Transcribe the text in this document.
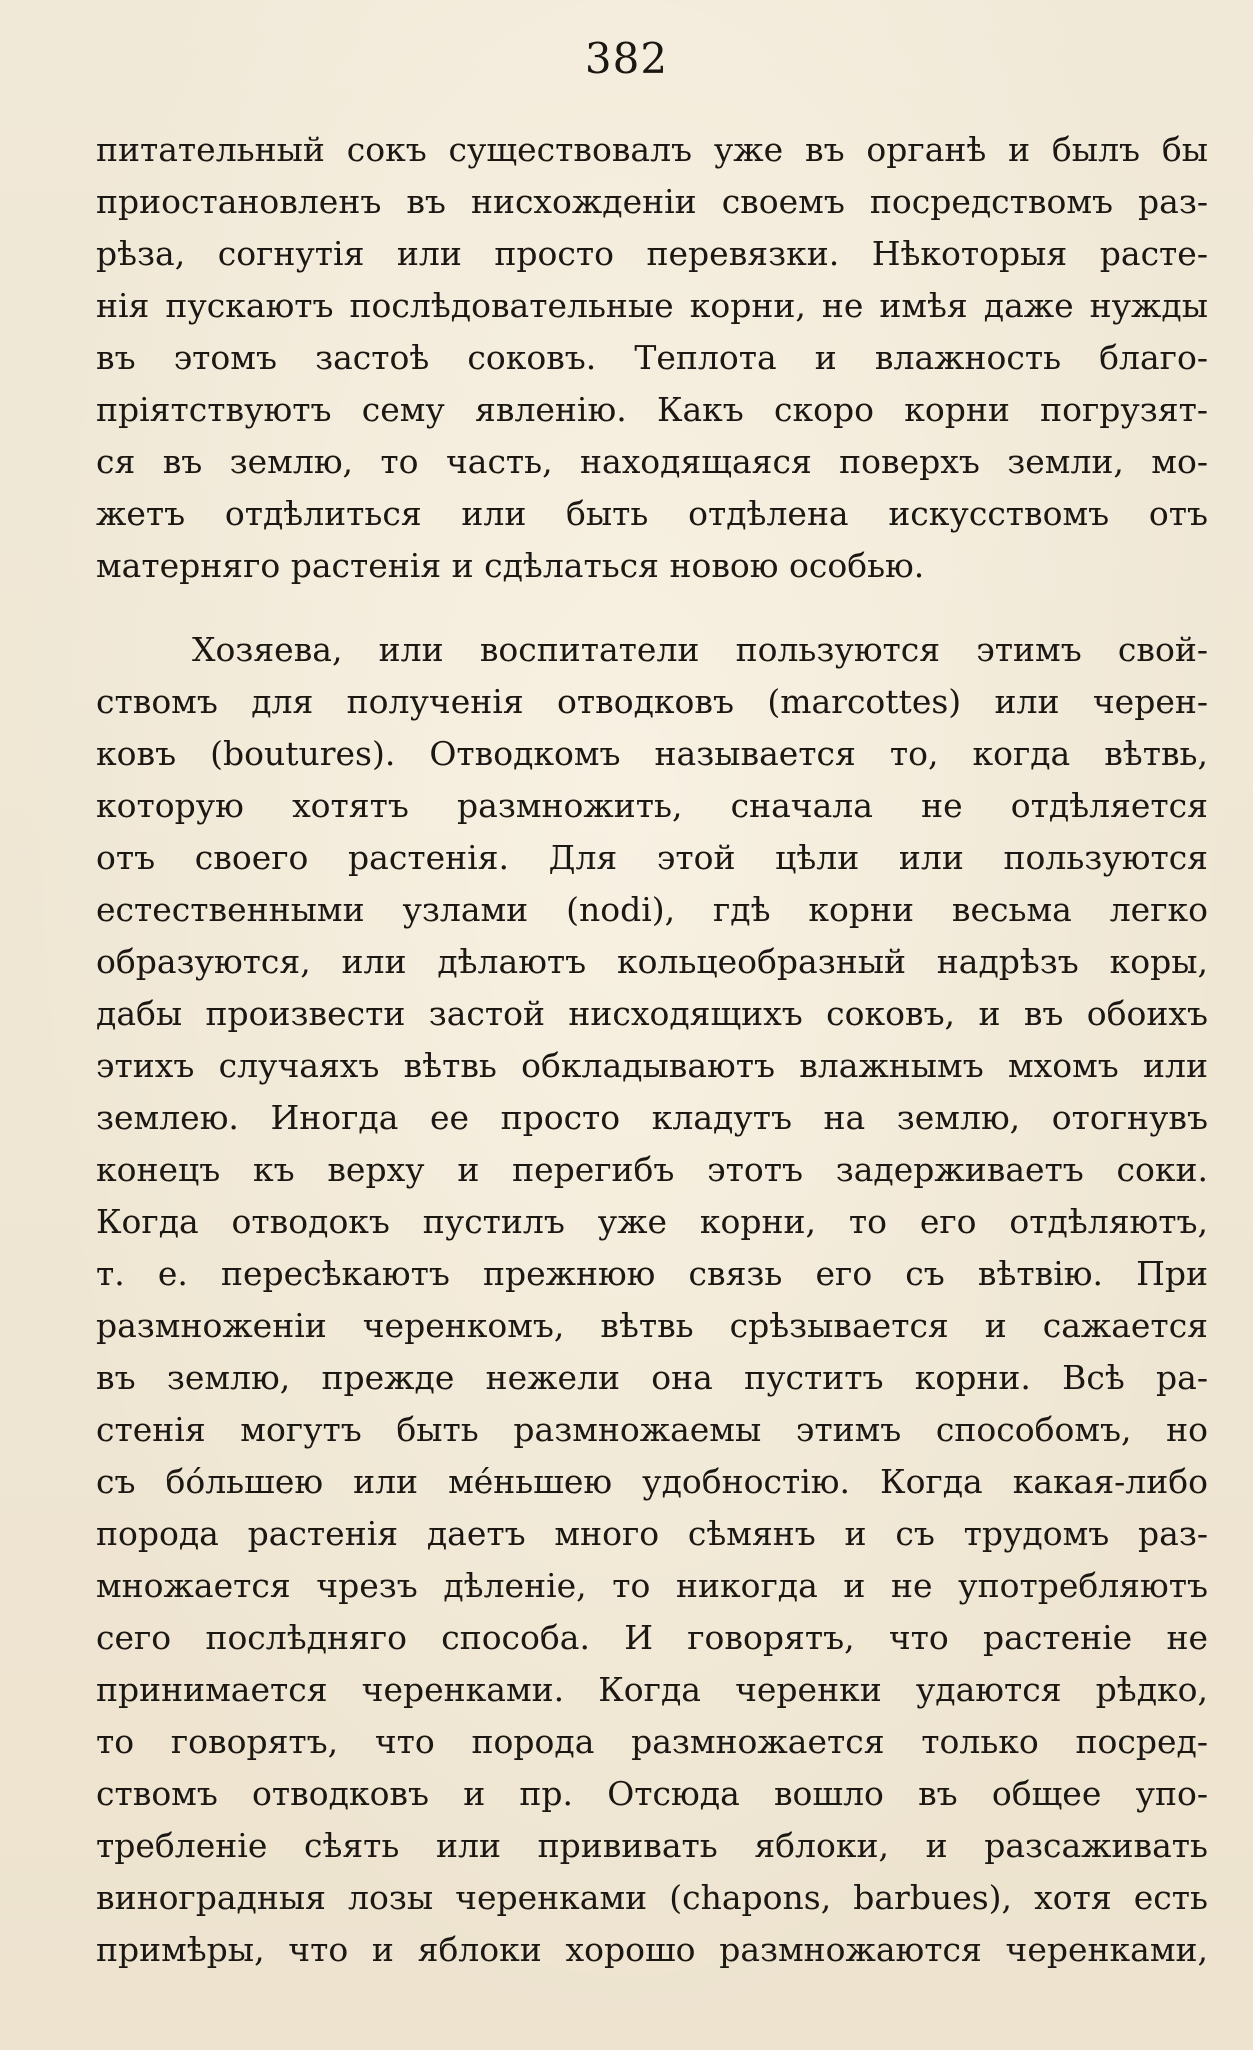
382
питательный сокъ существовалъ уже въ органѣ и былъ бы
приостановленъ въ нисхожденіи своемъ посредствомъ раз-
рѣза, согнутія или просто перевязки. Нѣкоторыя расте-
нія пускаютъ послѣдовательные корни, не имѣя даже нужды
въ этомъ застоѣ соковъ. Теплота и влажность благо-
пріятствуютъ сему явленію. Какъ скоро корни погрузят-
ся въ землю, то часть, находящаяся поверхъ земли, мо-
жетъ отдѣлиться или быть отдѣлена искусствомъ отъ
матерняго растенія и сдѣлаться новою особью.
Хозяева, или воспитатели пользуются этимъ свой-
ствомъ для полученія отводковъ (marcottes) или черен-
ковъ (boutures). Отводкомъ называется то, когда вѣтвь,
которую хотятъ размножить, сначала не отдѣляется
отъ своего растенія. Для этой цѣли или пользуются
естественными узлами (nodi), гдѣ корни весьма легко
образуются, или дѣлаютъ кольцеобразный надрѣзъ коры,
дабы произвести застой нисходящихъ соковъ, и въ обоихъ
этихъ случаяхъ вѣтвь обкладываютъ влажнымъ мхомъ или
землею. Иногда ее просто кладутъ на землю, отогнувъ
конецъ къ верху и перегибъ этотъ задерживаетъ соки.
Когда отводокъ пустилъ уже корни, то его отдѣляютъ,
т. е. пересѣкаютъ прежнюю связь его съ вѣтвію. При
размноженіи черенкомъ, вѣтвь срѣзывается и сажается
въ землю, прежде нежели она пуститъ корни. Всѣ ра-
стенія могутъ быть размножаемы этимъ способомъ, но
съ бо́льшею или ме́ньшею удобностію. Когда какая-либо
порода растенія даетъ много сѣмянъ и съ трудомъ раз-
множается чрезъ дѣленіе, то никогда и не употребляютъ
сего послѣдняго способа. И говорятъ, что растеніе не
принимается черенками. Когда черенки удаются рѣдко,
то говорятъ, что порода размножается только посред-
ствомъ отводковъ и пр. Отсюда вошло въ общее упо-
требленіе сѣять или прививать яблоки, и разсаживать
виноградныя лозы черенками (chapons, barbues), хотя есть
примѣры, что и яблоки хорошо размножаются черенками,
